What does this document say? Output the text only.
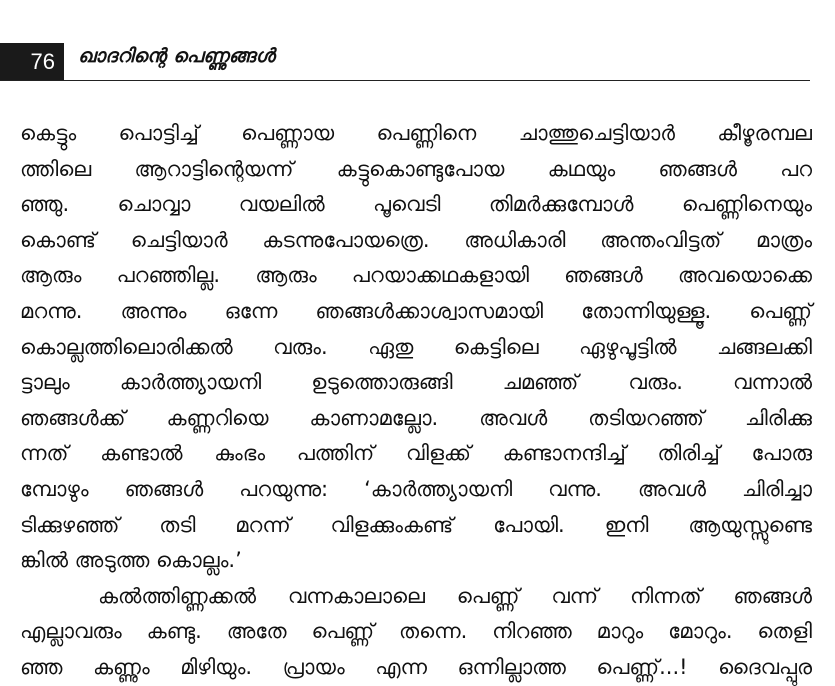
76 ഖാദറിന്റെ പെണ്ണുങ്ങൾ
കെട്ടും പൊട്ടിച്ച് പെണ്ണായ പെണ്ണിനെ ചാത്തുചെട്ടിയാർ കീഴൂരമ്പല
ത്തിലെ ആറാട്ടിന്റെയന്ന് കട്ടുകൊണ്ടുപോയ കഥയും ഞങ്ങൾ പറ
ഞ്ഞു. ചൊവ്വാ വയലിൽ പൂവെടി തിമർക്കുമ്പോൾ പെണ്ണിനെയും
കൊണ്ട് ചെട്ടിയാർ കടന്നുപോയത്രെ. അധികാരി അന്തംവിട്ടത് മാത്രം
ആരും പറഞ്ഞില്ല. ആരും പറയാക്കഥകളായി ഞങ്ങൾ അവയൊക്കെ
മറന്നു. അന്നും ഒന്നേ ഞങ്ങൾക്കാശ്വാസമായി തോന്നിയുള്ളൂ. പെണ്ണ്
കൊല്ലത്തിലൊരിക്കൽ വരും. ഏതു കെട്ടിലെ ഏഴുപൂട്ടിൽ ചങ്ങലക്കി
ട്ടാലും കാർത്ത്യായനി ഉടുത്തൊരുങ്ങി ചമഞ്ഞ് വരും. വന്നാൽ
ഞങ്ങൾക്ക് കണ്ണറിയെ കാണാമല്ലോ. അവൾ തടിയറഞ്ഞ് ചിരിക്കു
ന്നത് കണ്ടാൽ കുംഭം പത്തിന് വിളക്ക് കണ്ടാനന്ദിച്ച് തിരിച്ച് പോരു
മ്പോഴും ഞങ്ങൾ പറയുന്നു: ‘കാർത്ത്യായനി വന്നു. അവൾ ചിരിച്ചാ
ടിക്കുഴഞ്ഞ് തടി മറന്ന് വിളക്കുംകണ്ട് പോയി. ഇനി ആയുസ്സുണ്ടെ
ങ്കിൽ അടുത്ത കൊല്ലം.’
കൽത്തിണ്ണക്കൽ വന്നകാലാലെ പെണ്ണ് വന്ന് നിന്നത് ഞങ്ങൾ
എല്ലാവരും കണ്ടു. അതേ പെണ്ണ് തന്നെ. നിറഞ്ഞ മാറും മോറും. തെളി
ഞ്ഞ കണ്ണും മിഴിയും. പ്രായം എന്ന ഒന്നില്ലാത്ത പെണ്ണ്...! ദൈവപ്പുര
